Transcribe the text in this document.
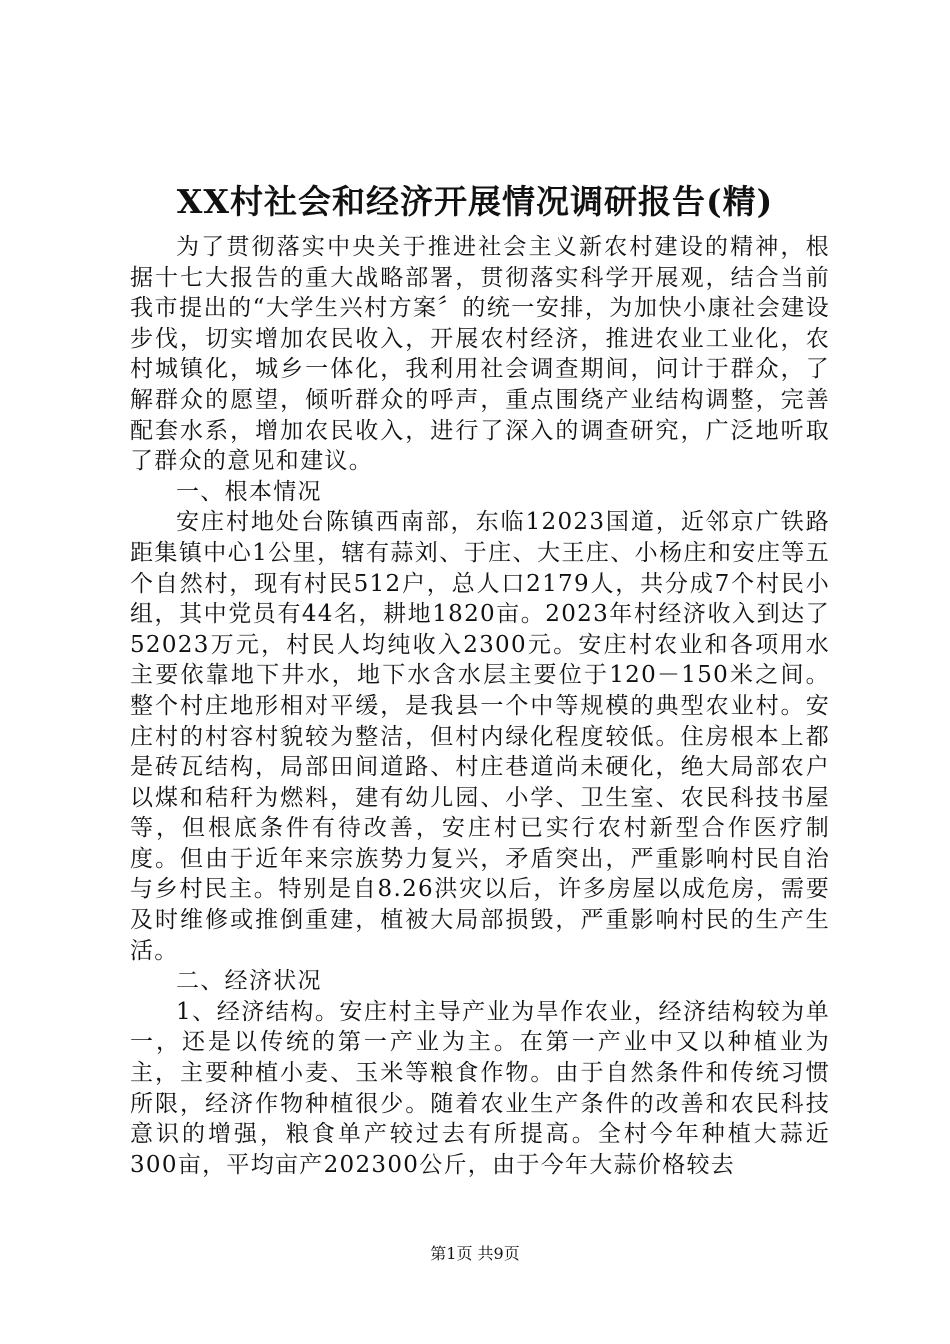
XX村社会和经济开展情况调研报告(精)

为了贯彻落实中央关于推进社会主义新农村建设的精神，根据十七大报告的重大战略部署，贯彻落实科学开展观，结合当前我市提出的“大学生兴村方案〞的统一安排，为加快小康社会建设步伐，切实增加农民收入，开展农村经济，推进农业工业化，农村城镇化，城乡一体化，我利用社会调查期间，问计于群众，了解群众的愿望，倾听群众的呼声，重点围绕产业结构调整，完善配套水系，增加农民收入，进行了深入的调查研究，广泛地听取了群众的意见和建议。

一、根本情况

安庄村地处台陈镇西南部，东临12023国道，近邻京广铁路距集镇中心1公里，辖有蒜刘、于庄、大王庄、小杨庄和安庄等五个自然村，现有村民512户，总人口2179人，共分成7个村民小组，其中党员有44名，耕地1820亩。2023年村经济收入到达了52023万元，村民人均纯收入2300元。安庄村农业和各项用水主要依靠地下井水，地下水含水层主要位于120－150米之间。整个村庄地形相对平缓，是我县一个中等规模的典型农业村。安庄村的村容村貌较为整洁，但村内绿化程度较低。住房根本上都是砖瓦结构，局部田间道路、村庄巷道尚未硬化，绝大局部农户以煤和秸秆为燃料，建有幼儿园、小学、卫生室、农民科技书屋等，但根底条件有待改善，安庄村已实行农村新型合作医疗制度。但由于近年来宗族势力复兴，矛盾突出，严重影响村民自治与乡村民主。特别是自8.26洪灾以后，许多房屋以成危房，需要及时维修或推倒重建，植被大局部损毁，严重影响村民的生产生活。

二、经济状况

1、经济结构。安庄村主导产业为旱作农业，经济结构较为单一，还是以传统的第一产业为主。在第一产业中又以种植业为主，主要种植小麦、玉米等粮食作物。由于自然条件和传统习惯所限，经济作物种植很少。随着农业生产条件的改善和农民科技意识的增强，粮食单产较过去有所提高。全村今年种植大蒜近300亩，平均亩产202300公斤，由于今年大蒜价格较去

第1页 共9页
